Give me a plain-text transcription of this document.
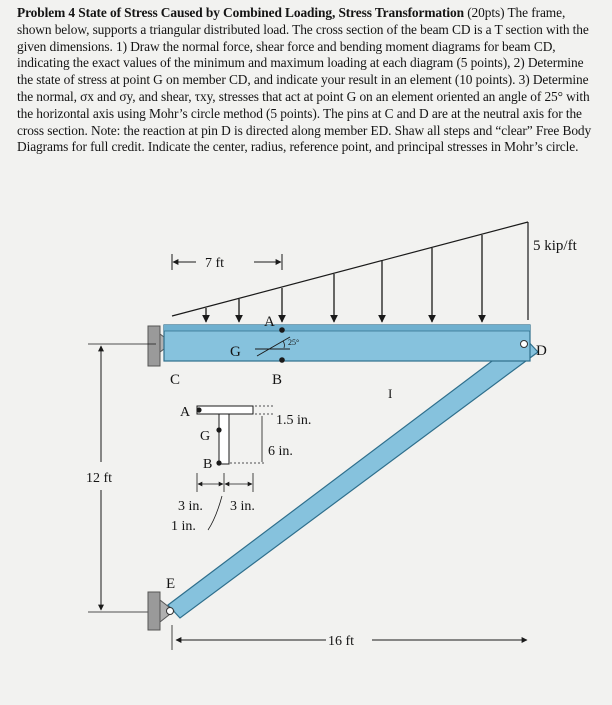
Problem 4 State of Stress Caused by Combined Loading, Stress Transformation (20pts) The frame, shown below, supports a triangular distributed load. The cross section of the beam CD is a T section with the given dimensions. 1) Draw the normal force, shear force and bending moment diagrams for beam CD, indicating the exact values of the minimum and maximum loading at each diagram (5 points), 2) Determine the state of stress at point G on member CD, and indicate your result in an element (10 points). 3) Determine the normal, σx and σy, and shear, τxy, stresses that act at point G on an element oriented an angle of 25° with the horizontal axis using Mohr’s circle method (5 points). The pins at C and D are at the neutral axis for the cross section. Note: the reaction at pin D is directed along member ED. Shaw all steps and “clear” Free Body Diagrams for full credit. Indicate the center, radius, reference point, and principal stresses in Mohr’s circle.
5 kip/ft
7 ft
A
G
25°
B
C
D
I
A
G
B
1.5 in.
6 in.
3 in. 3 in.
1 in.
12 ft
E
16 ft
